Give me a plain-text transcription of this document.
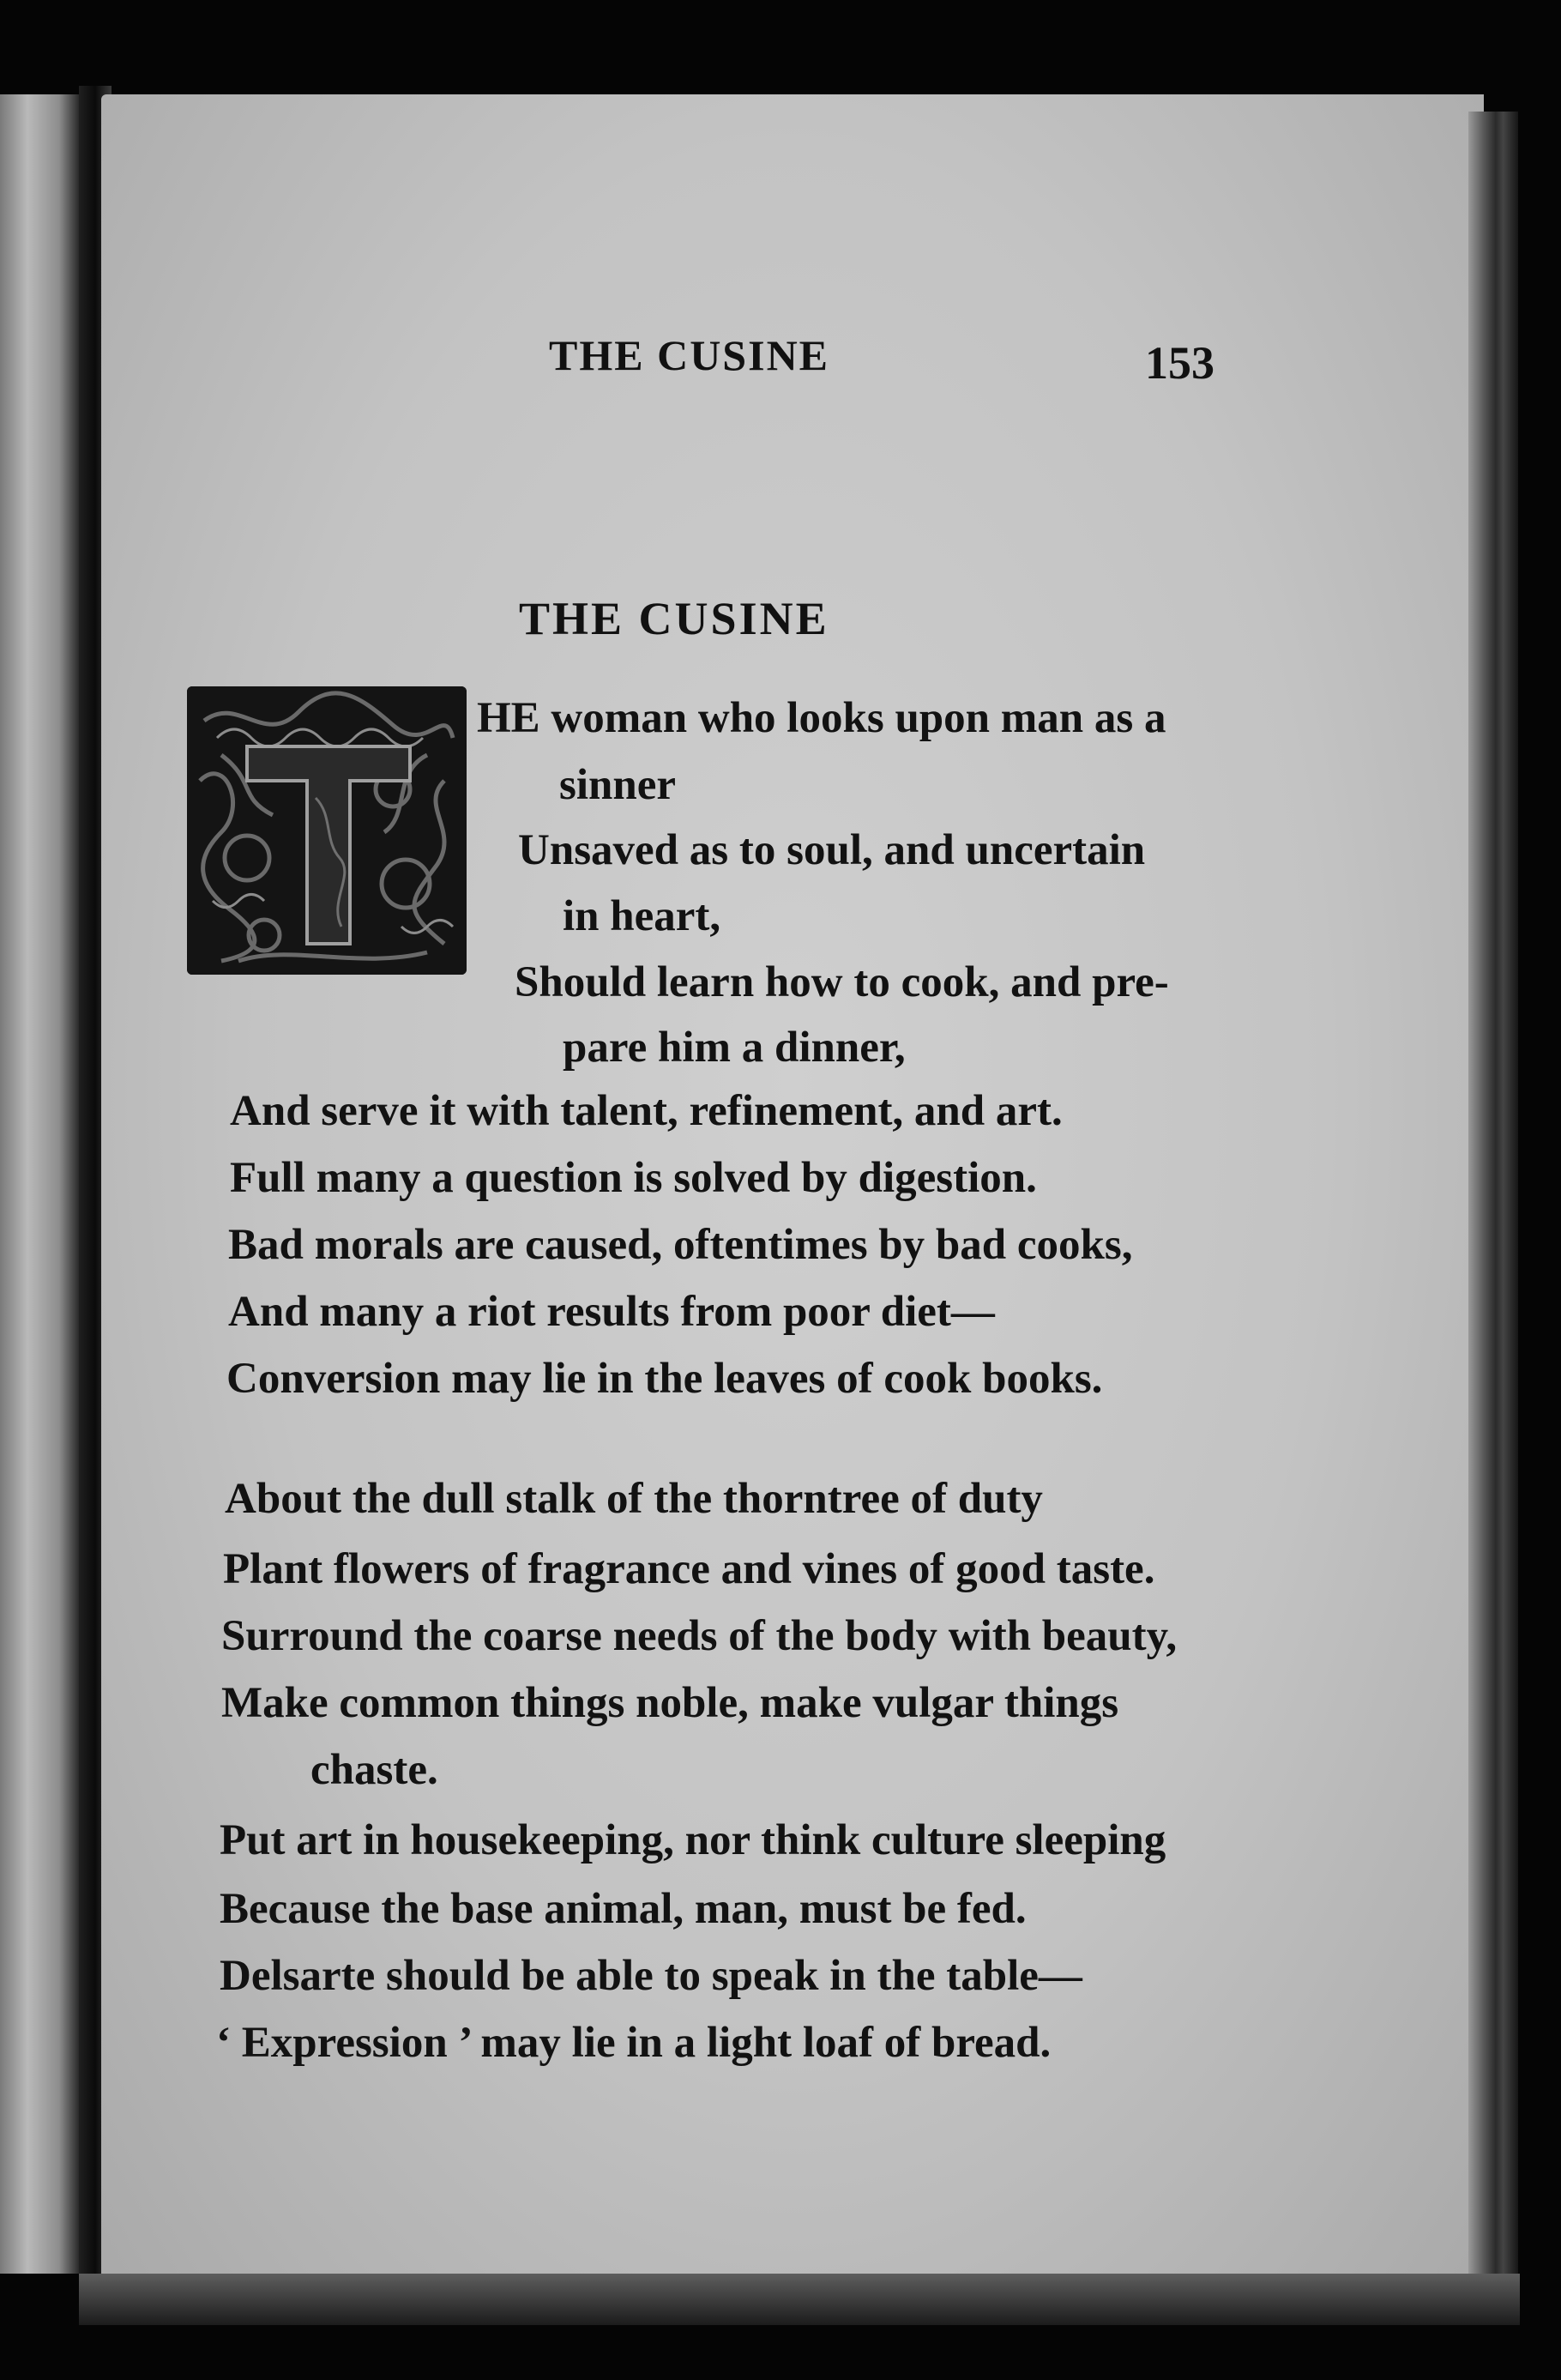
THE CUSINE	153
THE CUSINE
HE woman who looks upon man as a
sinner
Unsaved as to soul, and uncertain
in heart,
Should learn how to cook, and pre-
pare him a dinner,
And serve it with talent, refinement, and art.
Full many a question is solved by digestion.
Bad morals are caused, oftentimes by bad cooks,
And many a riot results from poor diet—
Conversion may lie in the leaves of cook books.
About the dull stalk of the thorntree of duty
Plant flowers of fragrance and vines of good taste.
Surround the coarse needs of the body with beauty,
Make common things noble, make vulgar things
chaste.
Put art in housekeeping, nor think culture sleeping
Because the base animal, man, must be fed.
Delsarte should be able to speak in the table—
‘ Expression ’ may lie in a light loaf of bread.
